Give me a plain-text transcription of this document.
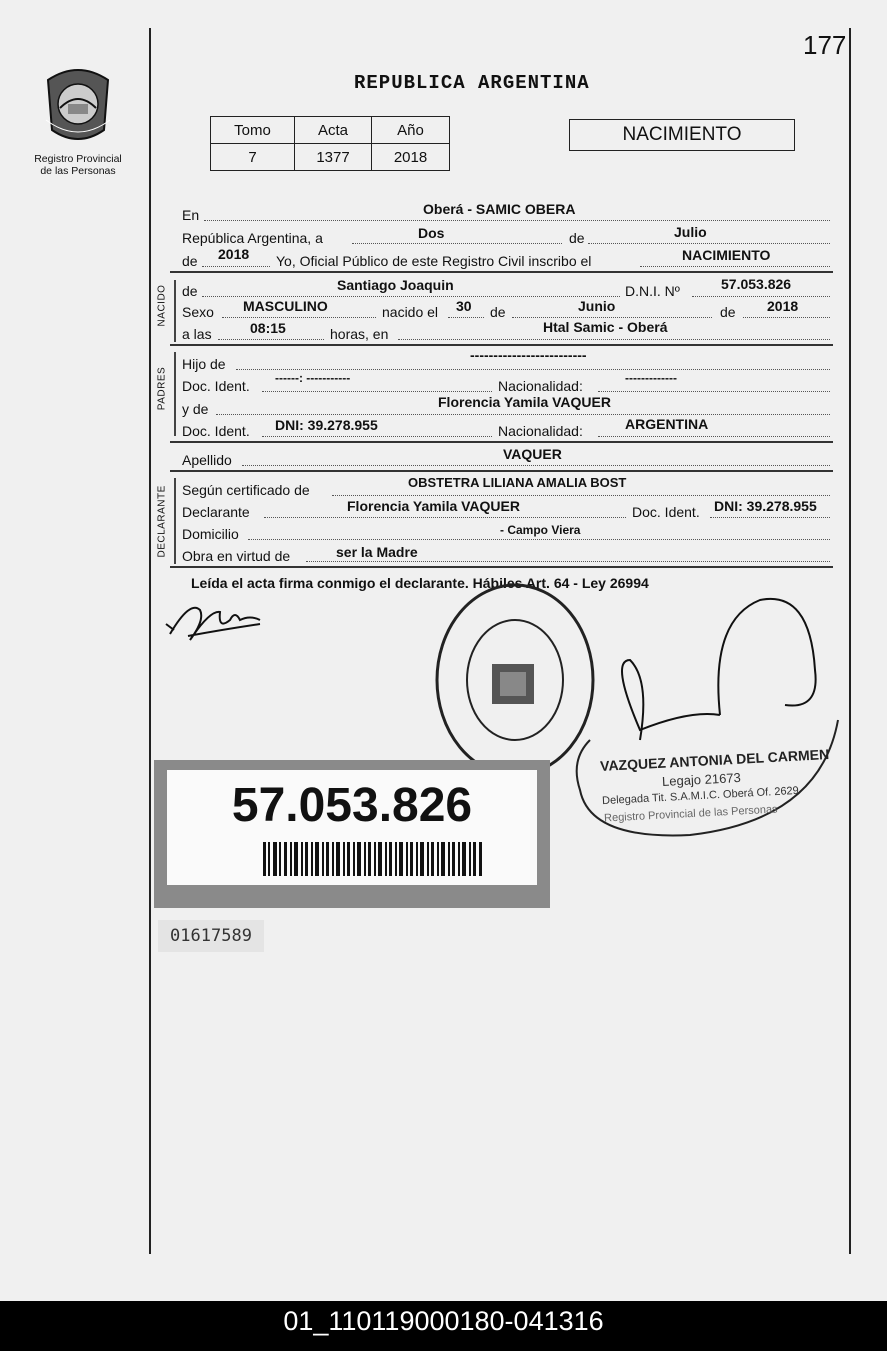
177
REPUBLICA ARGENTINA
Registro Provincial
de las Personas
Tomo	Acta	Año
7	1377	2018
NACIMIENTO
En	Oberá - SAMIC OBERA
República Argentina, a	Dos	de	Julio
de 2018 Yo, Oficial Público de este Registro Civil inscribo el	NACIMIENTO
NACIDO de	Santiago Joaquin	D.N.I. Nº	57.053.826
Sexo MASCULINO	nacido el 30 de	Junio	de 2018
a las	08:15	horas, en	Htal Samic - Oberá
PADRES
Hijo de
-------------------------
Doc. Ident. ------: -----------	Nacionalidad:	-------------
y de	Florencia Yamila VAQUER
Doc. Ident. DNI: 39.278.955	Nacionalidad:	ARGENTINA
Apellido	VAQUER
DECLARANTE Según certificado de	OBSTETRA LILIANA AMALIA BOST
Declarante	Florencia Yamila VAQUER	Doc. Ident. DNI: 39.278.955
Domicilio	- Campo Viera
Obra en virtud de	ser la Madre
Leída el acta firma conmigo el declarante. Hábiles Art. 64 - Ley 26994
VAZQUEZ ANTONIA DEL CARMEN
Legajo 21673
Delegada Tit. S.A.M.I.C. Oberá Of. 2629
Registro Provincial de las Personas
57.053.826
01617589
01_110119000180-041316
